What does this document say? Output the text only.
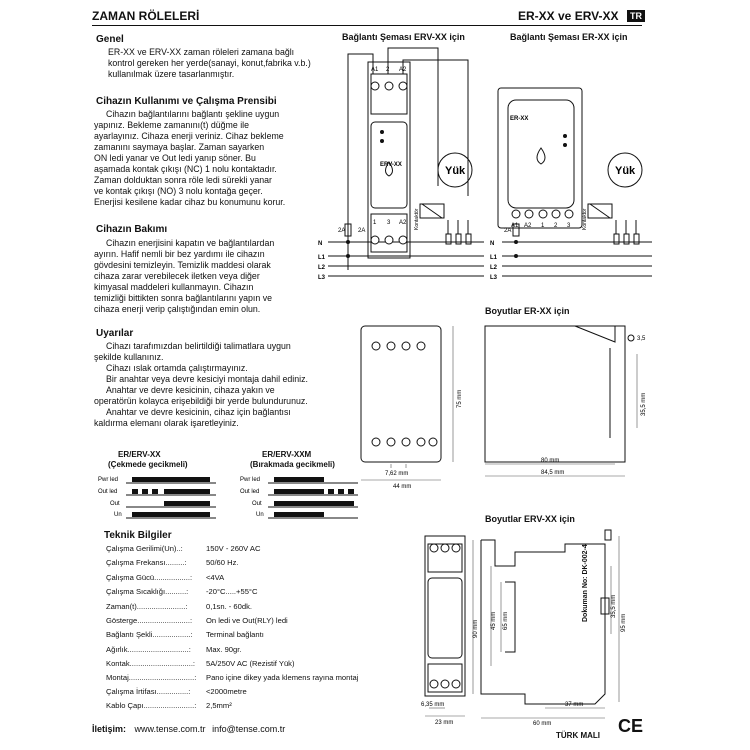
ZAMAN RÖLELERİ	ER-XX ve ERV-XX	TR
Genel
ER-XX ve ERV-XX zaman röleleri zamana bağlı
kontrol gereken her yerde(sanayi, konut,fabrika v.b.)
kullanılmak üzere tasarlanmıştır.
Cihazın Kullanımı ve Çalışma Prensibi
Cihazın bağlantılarını bağlantı şekline uygun
yapınız. Bekleme zamanını(t) düğme ile
ayarlayınız. Cihaza enerji veriniz. Cihaz bekleme
zamanını saymaya başlar. Zaman sayarken
ON ledi yanar ve Out ledi yanıp söner. Bu
aşamada kontak çıkışı (NC) 1 nolu kontaktadır.
Zaman dolduktan sonra röle ledi sürekli yanar
ve kontak çıkışı (NO) 3 nolu kontağa geçer.
Enerjisi kesilene kadar cihaz bu konumunu korur.
Cihazın Bakımı
Cihazın enerjisini kapatın ve bağlantılardan
ayırın. Hafif nemli bir bez yardımı ile cihazın
gövdesini temizleyin. Temizlik maddesi olarak
cihaza zarar verebilecek iletken veya diğer
kimyasal maddeleri kullanmayın. Cihazın
temizliği bittikten sonra bağlantılarını yapın ve
cihaza enerji verip çalıştığından emin olun.
Uyarılar
Cihazı tarafımızdan belirtildiği talimatlara uygun
şekilde kullanınız.
Cihazı ıslak ortamda çalıştırmayınız.
Bir anahtar veya devre kesiciyi montaja dahil ediniz.
Anahtar ve devre kesicinin, cihaza yakın ve
operatörün kolayca erişebildiği bir yerde bulundurunuz.
Anahtar ve devre kesicinin, cihaz için bağlantısı
kaldırma elemanı olarak işaretleyiniz.
ER/ERV-XX
(Çekmede gecikmeli)
ER/ERV-XXM
(Bırakmada gecikmeli)
Pwr led
Out led
Out
Un
Pwr led
Out led
Out
Un
Teknik Bilgiler
Çalışma Gerilimi(Un)..:	150V - 260V AC
Çalışma Frekansı.........:	50/60 Hz.
Çalışma Gücü.................: <4VA
Çalışma Sıcaklığı..........: -20°C.....+55°C
Zaman(t).......................: 0,1sn. - 60dk.
Gösterge.........................: On ledi ve Out(RLY) ledi
Bağlantı Şekli..................: Terminal bağlantı
Ağırlık.............................: Max. 90gr.
Kontak..............................: 5A/250V AC (Rezistif Yük)
Montaj...............................: Pano içine dikey yada klemens rayına montaj
Çalışma İrtifası...............: <2000metre
Kablo Çapı........................: 2,5mm²
İletişim: www.tense.com.tr info@tense.com.tr
Bağlantı Şeması ERV-XX için	Bağlantı Şeması ER-XX için
A1 2 A2
1 3 A2	A1 A2 1 2 3
ERV-XX
ER-XX
2A 2A	2A
N
L1
L2
L3
N
L1
L2
L3
Yük	Yük
Kontaktör	Kontaktör
Boyutlar ER-XX için
75 mm
7,62 mm
44 mm
80 mm
84,5 mm
3,5
35,5 mm
Boyutlar ERV-XX için
90 mm 45 mm 65 mm	95 mm
35,5 mm
6,35 mm
23 mm
37 mm
60 mm
Dokuman No: DK-002-4
TÜRK MALI CE
